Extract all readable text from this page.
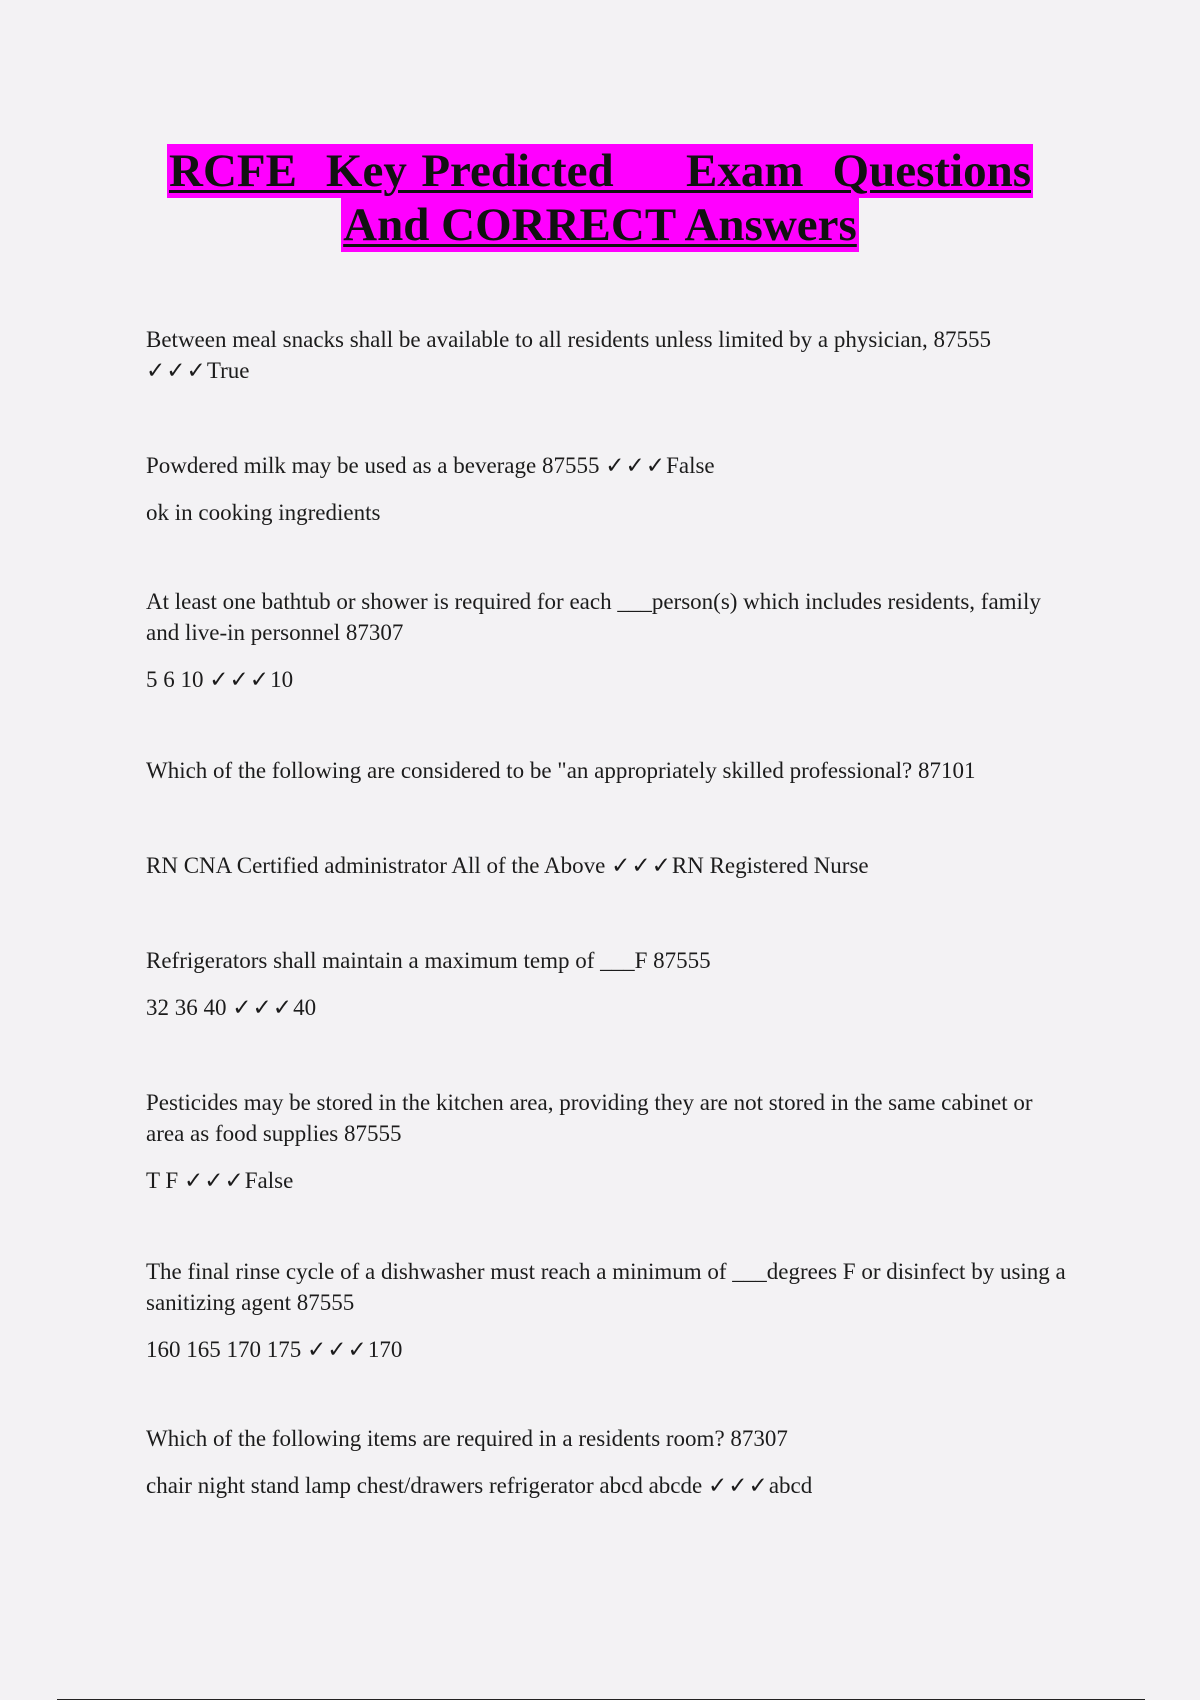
RCFE  Key Predicted     Exam  Questions
And CORRECT Answers

Between meal snacks shall be available to all residents unless limited by a physician, 87555
✓✓✓True

Powdered milk may be used as a beverage 87555 ✓✓✓False

ok in cooking ingredients

At least one bathtub or shower is required for each ___person(s) which includes residents, family and live-in personnel 87307

5 6 10 ✓✓✓10

Which of the following are considered to be "an appropriately skilled professional? 87101

RN CNA Certified administrator All of the Above ✓✓✓RN Registered Nurse

Refrigerators shall maintain a maximum temp of ___F 87555

32 36 40 ✓✓✓40

Pesticides may be stored in the kitchen area, providing they are not stored in the same cabinet or area as food supplies 87555

T F ✓✓✓False

The final rinse cycle of a dishwasher must reach a minimum of ___degrees F or disinfect by using a sanitizing agent 87555

160 165 170 175 ✓✓✓170

Which of the following items are required in a residents room? 87307

chair night stand lamp chest/drawers refrigerator abcd abcde ✓✓✓abcd
